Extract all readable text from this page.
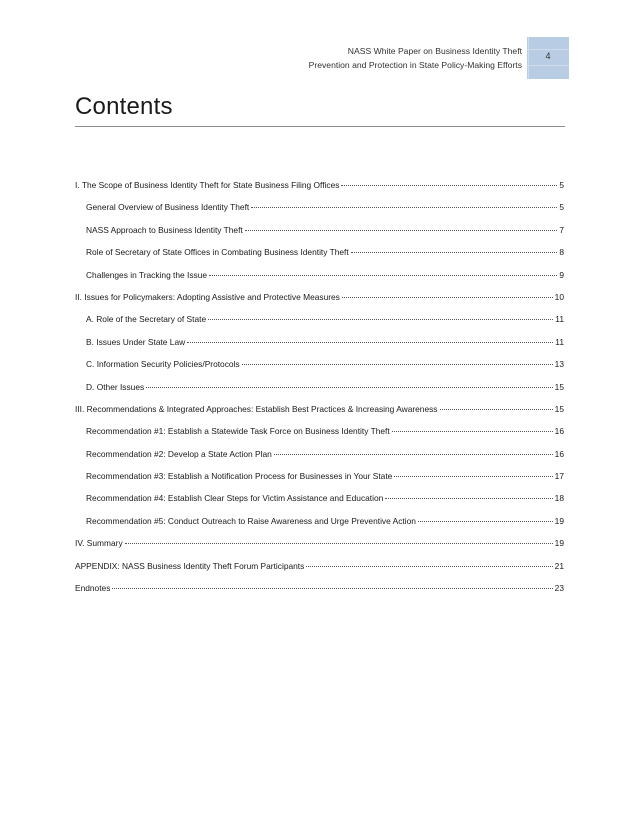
NASS White Paper on Business Identity Theft
Prevention and Protection in State Policy-Making Efforts
4
Contents
I. The Scope of Business Identity Theft for State Business Filing Offices	5
General Overview of Business Identity Theft	5
NASS Approach to Business Identity Theft	7
Role of Secretary of State Offices in Combating Business Identity Theft	8
Challenges in Tracking the Issue	9
II. Issues for Policymakers: Adopting Assistive and Protective Measures	10
A. Role of the Secretary of State	11
B. Issues Under State Law	11
C. Information Security Policies/Protocols	13
D. Other Issues	15
III. Recommendations & Integrated Approaches: Establish Best Practices & Increasing Awareness	15
Recommendation #1: Establish a Statewide Task Force on Business Identity Theft	16
Recommendation #2: Develop a State Action Plan	16
Recommendation #3: Establish a Notification Process for Businesses in Your State	17
Recommendation #4: Establish Clear Steps for Victim Assistance and Education	18
Recommendation #5: Conduct Outreach to Raise Awareness and Urge Preventive Action	19
IV. Summary	19
APPENDIX: NASS Business Identity Theft Forum Participants	21
Endnotes	23
